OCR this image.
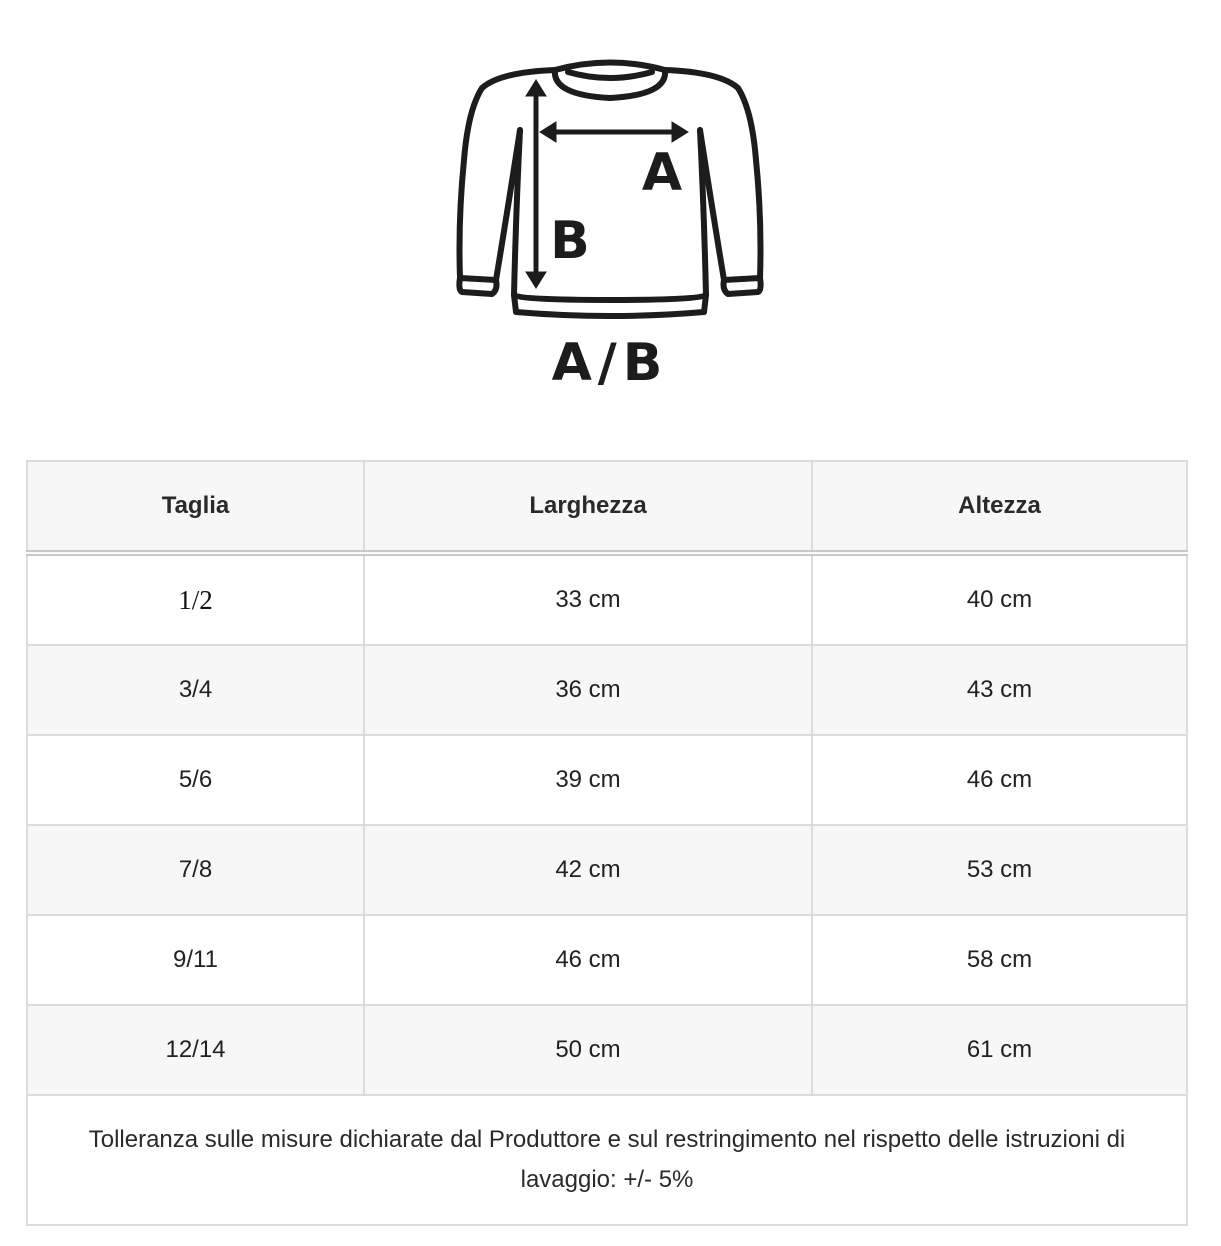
A
B
A/B
Taglia	Larghezza	Altezza
1/2	33 cm	40 cm
3/4	36 cm	43 cm
5/6	39 cm	46 cm
7/8	42 cm	53 cm
9/11	46 cm	58 cm
12/14	50 cm	61 cm
Tolleranza sulle misure dichiarate dal Produttore e sul restringimento nel rispetto delle istruzioni di lavaggio: +/- 5%		
